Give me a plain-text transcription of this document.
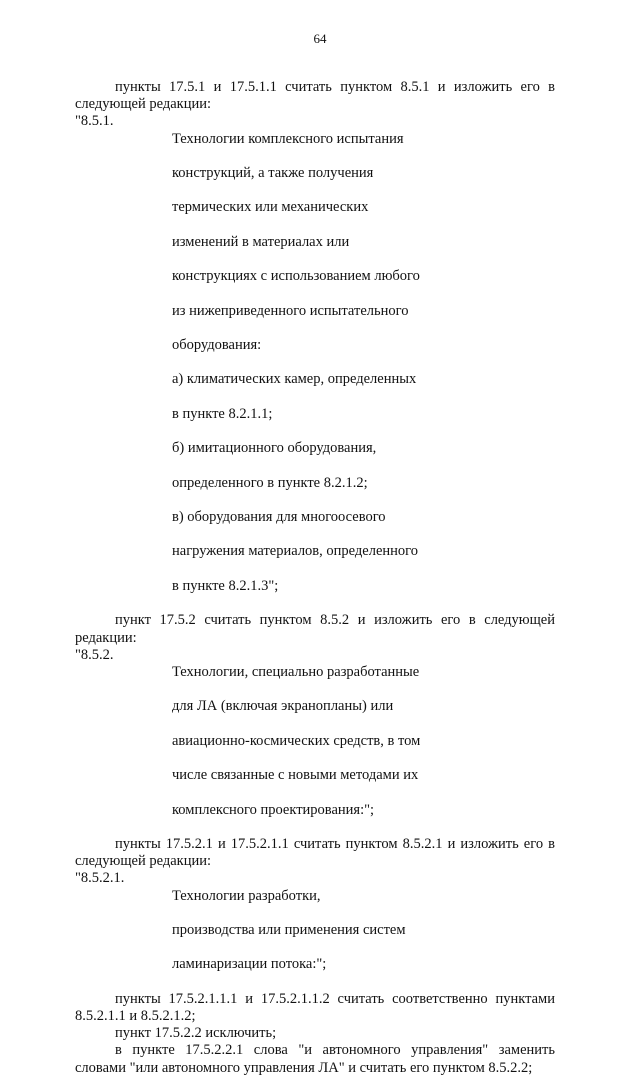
64

пункты 17.5.1 и 17.5.1.1 считать пунктом 8.5.1 и изложить его в следующей редакции:

"8.5.1.

Технологии комплексного испытания

конструкций, а также получения

термических или механических

изменений в материалах или

конструкциях с использованием любого

из нижеприведенного испытательного

оборудования:

а) климатических камер, определенных

в пункте 8.2.1.1;

б) имитационного оборудования,

определенного в пункте 8.2.1.2;

в) оборудования для многоосевого

нагружения материалов, определенного

в пункте 8.2.1.3";

пункт 17.5.2 считать пунктом 8.5.2 и изложить его в следующей редакции:

"8.5.2.

Технологии, специально разработанные

для ЛА (включая экранопланы) или

авиационно-космических средств, в том

числе связанные с новыми методами их

комплексного проектирования:";

пункты 17.5.2.1 и 17.5.2.1.1 считать пунктом 8.5.2.1 и изложить его в следующей редакции:

"8.5.2.1.

Технологии разработки,

производства или применения систем

ламинаризации потока:";

пункты 17.5.2.1.1.1 и 17.5.2.1.1.2 считать соответственно пунктами 8.5.2.1.1 и 8.5.2.1.2;

пункт 17.5.2.2 исключить;

в пункте 17.5.2.2.1 слова "и автономного управления" заменить словами "или автономного управления ЛА" и считать его пунктом 8.5.2.2;
